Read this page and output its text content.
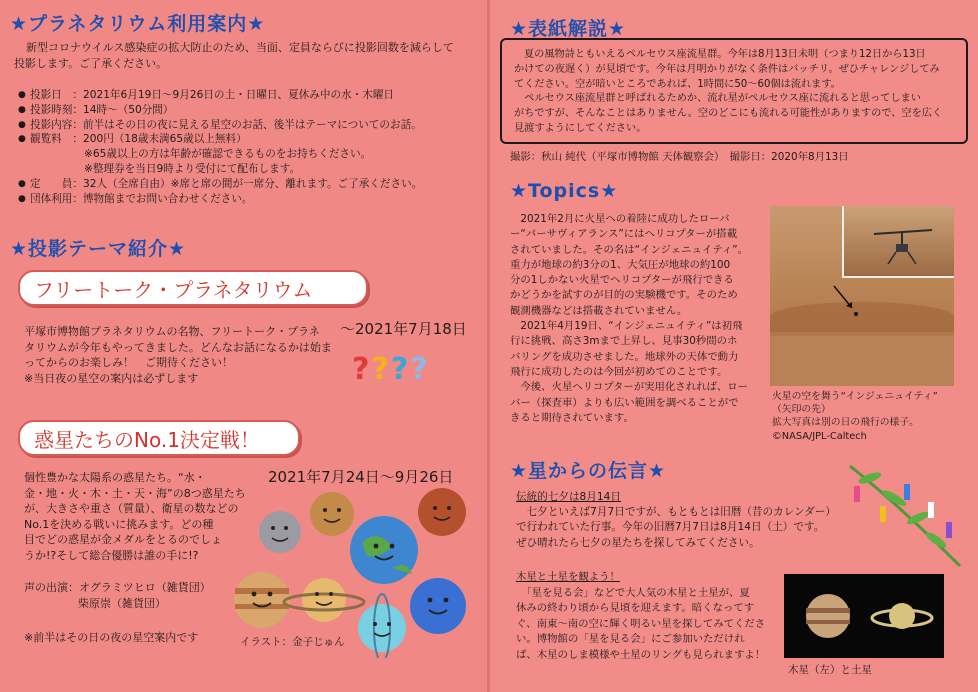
★プラネタリウム利用案内★
新型コロナウイルス感染症の拡大防止のため、当面、定員ならびに投影回数を減らして
投影します。ご了承ください。
● 投影日　：2021年6月19日～9月26日の土・日曜日、夏休み中の水・木曜日
● 投影時刻：14時～（50分間）
● 投影内容：前半はその日の夜に見える星空のお話、後半はテーマについてのお話。
● 観覧料　：200円（18歳未満65歳以上無料）
※65歳以上の方は年齢が確認できるものをお持ちください。
※整理券を当日9時より受付にて配布します。
● 定　　員：32人（全席自由）※席と席の間が一席分、離れます。ご了承ください。
● 団体利用：博物館までお問い合わせください。
★投影テーマ紹介★
フリートーク・プラネタリウム
～2021年7月18日
平塚市博物館プラネタリウムの名物、フリートーク・プラネ
タリウムが今年もやってきました。どんなお話になるかは始ま
ってからのお楽しみ！　ご期待ください！
※当日夜の星空の案内は必ずします	????
惑星たちのNo.1決定戦！
2021年7月24日～9月26日
個性豊かな太陽系の惑星たち。“水・
金・地・火・木・土・天・海”の8つ惑星たち
が、大きさや重さ（質量）、衛星の数などの
No.1を決める戦いに挑みます。どの種
目でどの惑星が金メダルをとるのでしょ
うか!?そして総合優勝は誰の手に!?
声の出演：オグラミツヒロ（雑貨団）
柴原崇（雑貨団）
※前半はその日の夜の星空案内です	イラスト：金子じゅん
★表紙解説★
夏の風物詩ともいえるペルセウス座流星群。今年は8月13日未明（つまり12日から13日
かけての夜遅く）が見頃です。今年は月明かりがなく条件はバッチリ。ぜひチャレンジしてみ
てください。空が暗いところであれば、1時間に50～60個は流れます。
　ペルセウス座流星群と呼ばれるためか、流れ星がペルセウス座に流れると思ってしまい
がちですが、そんなことはありません。空のどこにも流れる可能性がありますので、空を広く
見渡すようにしてください。
撮影：秋山 純代（平塚市博物館 天体観察会）　撮影日：2020年8月13日
★Topics★
　2021年2月に火星への着陸に成功したローバ
ー“パーサヴィアランス”にはヘリコプターが搭載
されていました。その名は“インジェニュイティ”。
重力が地球の約3分の1、大気圧が地球の約100
分の1しかない火星でヘリコプターが飛行できる
かどうかを試すのが目的の実験機です。そのため
観測機器などは搭載されていません。
　2021年4月19日、“インジェニュイティ”は初飛
行に挑戦、高さ3mまで上昇し、見事30秒間のホ
バリングを成功させました。地球外の天体で動力
飛行に成功したのは今回が初めてのことです。
　今後、火星ヘリコプターが実用化されれば、ロー
バー（探査車）よりも広い範囲を調べることがで
きると期待されています。
火星の空を舞う“インジェニュイティ”
（矢印の先）
拡大写真は別の日の飛行の様子。
©NASA/JPL-Caltech
★星からの伝言★
伝統的七夕は8月14日
　七夕といえば7月7日ですが、もともとは旧暦（昔のカレンダー）
で行われていた行事。今年の旧暦7月7日は8月14日（土）です。
ぜひ晴れたら七夕の星たちを探してみてください。
木星と土星を観よう！
　「星を見る会」などで大人気の木星と土星が、夏
休みの終わり頃から見頃を迎えます。暗くなってす
ぐ、南東～南の空に輝く明るい星を探してみてくださ
い。博物館の「星を見る会」にご参加いただけれ
ば、木星のしま模様や土星のリングも見られますよ！
木星（左）と土星
